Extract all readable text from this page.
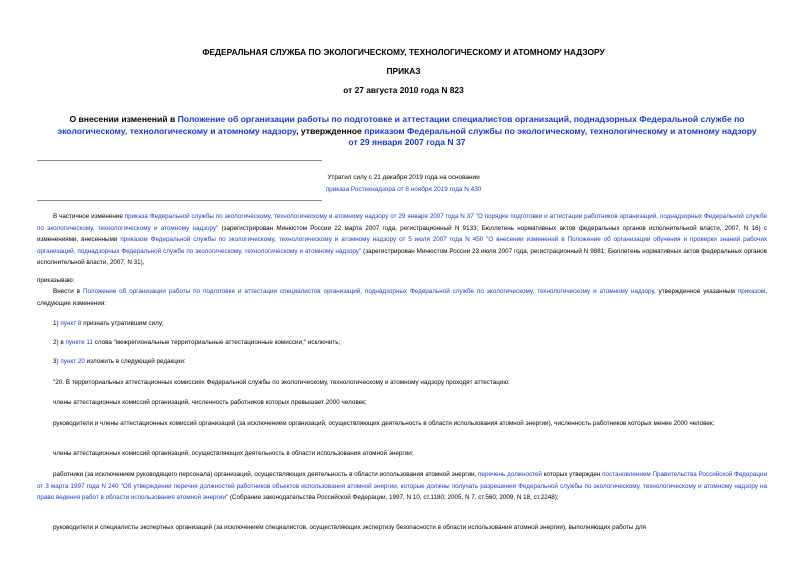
ФЕДЕРАЛЬНАЯ СЛУЖБА ПО ЭКОЛОГИЧЕСКОМУ, ТЕХНОЛОГИЧЕСКОМУ И АТОМНОМУ НАДЗОРУ
ПРИКАЗ
от 27 августа 2010 года N 823
О внесении изменений в Положение об организации работы по подготовке и аттестации специалистов организаций, поднадзорных Федеральной службе по экологическому, технологическому и атомному надзору, утвержденное приказом Федеральной службы по экологическому, технологическому и атомному надзору от 29 января 2007 года N 37
Утратил силу с 21 декабря 2019 года на основании
приказа Ростехнадзора от 8 ноября 2019 года N 430
В частичное изменение приказа Федеральной службы по экологическому, технологическому и атомному надзору от 29 января 2007 года N 37 "О порядке подготовки и аттестации работников организаций, поднадзорных Федеральной службе по экологическому, технологическому и атомному надзору" (зарегистрирован Минюстом России 22 марта 2007 года, регистрационный N 9133; Бюллетень нормативных актов федеральных органов исполнительной власти, 2007, N 16) с изменениями, внесенными приказом Федеральной службы по экологическому, технологическому и атомному надзору от 5 июля 2007 года N 450 "О внесении изменений в Положение об организации обучения и проверки знаний рабочих организаций, поднадзорных Федеральной службе по экологическому, технологическому и атомному надзору" (зарегистрирован Минюстом России 23 июля 2007 года, регистрационный N 9881; Бюллетень нормативных актов федеральных органов исполнительной власти, 2007, N 31),
приказываю:
Внести в Положение об организации работы по подготовке и аттестации специалистов организаций, поднадзорных Федеральной службе по экологическому, технологическому и атомному надзору, утвержденное указанным приказом, следующие изменения:
1) пункт 8 признать утратившим силу;
2) в пункте 11 слова "межрегиональные территориальные аттестационные комиссии;" исключить;
3) пункт 20 изложить в следующей редакции:
"20. В территориальных аттестационных комиссиях Федеральной службы по экологическому, технологическому и атомному надзору проходят аттестацию:
члены аттестационных комиссий организаций, численность работников которых превышает 2000 человек;
руководители и члены аттестационных комиссий организаций (за исключением организаций, осуществляющих деятельность в области использования атомной энергии), численность работников которых менее 2000 человек;
члены аттестационных комиссий организаций, осуществляющих деятельность в области использования атомной энергии;
работники (за исключением руководящего персонала) организаций, осуществляющих деятельность в области использования атомной энергии, перечень должностей которых утвержден постановлением Правительства Российской Федерации от 3 марта 1997 года N 240 "Об утверждении перечня должностей работников объектов использования атомной энергии, которые должны получать разрешения Федеральной службы по экологическому, технологическому и атомному надзору на право ведения работ в области использования атомной энергии" (Собрание законодательства Российской Федерации, 1997, N 10, ст.1180; 2005, N 7, ст.560; 2009, N 18, ст.2248);
руководители и специалисты экспертных организаций (за исключением специалистов, осуществляющих экспертизу безопасности в области использования атомной энергии), выполняющих работы для
